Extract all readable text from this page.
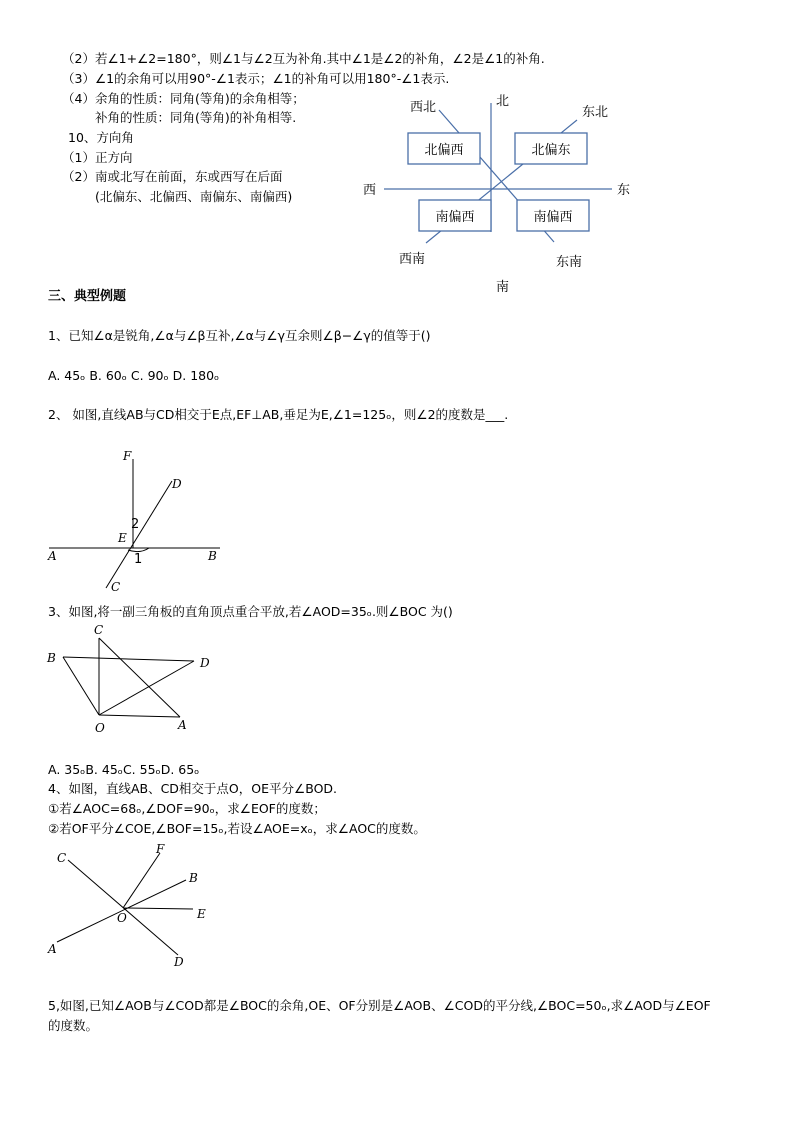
（2）若∠1+∠2=180°，则∠1与∠2互为补角.其中∠1是∠2的补角，∠2是∠1的补角.
（3）∠1的余角可以用90°-∠1表示；∠1的补角可以用180°-∠1表示.
（4）余角的性质：同角(等角)的余角相等；
补角的性质：同角(等角)的补角相等.
10、方向角
（1）正方向
（2）南或北写在前面，东或西写在后面
(北偏东、北偏西、南偏东、南偏西)
北偏西	北偏东
南偏西	南偏西
西北	北
东北
西	东
西南
南
东南
三、典型例题
1、已知∠α是锐角,∠α与∠β互补,∠α与∠γ互余则∠β−∠γ的值等于()
A. 45ₒ B. 60ₒ C. 90ₒ D. 180ₒ
2、 如图,直线AB与CD相交于E点,EF⊥AB,垂足为E,∠1=125ₒ，则∠2的度数是___.
F
D
2
E
A	1	B
C
3、如图,将一副三角板的直角顶点重合平放,若∠AOD=35ₒ.则∠BOC 为()
C
B	D
O	A
A. 35ₒB. 45ₒC. 55ₒD. 65ₒ
4、如图，直线AB、CD相交于点O，OE平分∠BOD.
①若∠AOC=68ₒ,∠DOF=90ₒ，求∠EOF的度数；
②若OF平分∠COE,∠BOF=15ₒ,若设∠AOE=xₒ，求∠AOC的度数。
C
F
B
O	E
A
D
5,如图,已知∠AOB与∠COD都是∠BOC的余角,OE、OF分别是∠AOB、∠COD的平分线,∠BOC=50ₒ,求∠AOD与∠EOF
的度数。
